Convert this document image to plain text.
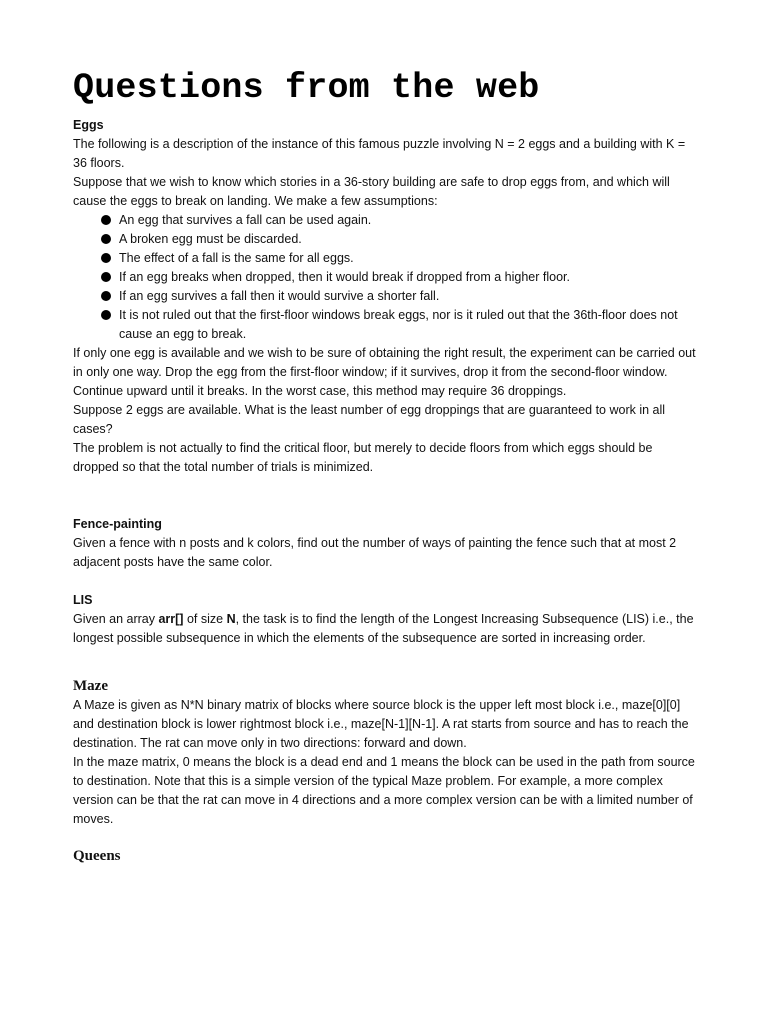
Questions from the web

Eggs

The following is a description of the instance of this famous puzzle involving N = 2 eggs and a building with K = 36 floors.

Suppose that we wish to know which stories in a 36-story building are safe to drop eggs from, and which will cause the eggs to break on landing. We make a few assumptions:

An egg that survives a fall can be used again.
A broken egg must be discarded.
The effect of a fall is the same for all eggs.
If an egg breaks when dropped, then it would break if dropped from a higher floor.
If an egg survives a fall then it would survive a shorter fall.
It is not ruled out that the first-floor windows break eggs, nor is it ruled out that the 36th-floor does not cause an egg to break.

If only one egg is available and we wish to be sure of obtaining the right result, the experiment can be carried out in only one way. Drop the egg from the first-floor window; if it survives, drop it from the second-floor window. Continue upward until it breaks. In the worst case, this method may require 36 droppings.

Suppose 2 eggs are available. What is the least number of egg droppings that are guaranteed to work in all cases?

The problem is not actually to find the critical floor, but merely to decide floors from which eggs should be dropped so that the total number of trials is minimized.

Fence-painting

Given a fence with n posts and k colors, find out the number of ways of painting the fence such that at most 2 adjacent posts have the same color.

LIS

Given an array arr[] of size N, the task is to find the length of the Longest Increasing Subsequence (LIS) i.e., the longest possible subsequence in which the elements of the subsequence are sorted in increasing order.

Maze

A Maze is given as N*N binary matrix of blocks where source block is the upper left most block i.e., maze[0][0] and destination block is lower rightmost block i.e., maze[N-1][N-1]. A rat starts from source and has to reach the destination. The rat can move only in two directions: forward and down.

In the maze matrix, 0 means the block is a dead end and 1 means the block can be used in the path from source to destination. Note that this is a simple version of the typical Maze problem. For example, a more complex version can be that the rat can move in 4 directions and a more complex version can be with a limited number of moves.

Queens
